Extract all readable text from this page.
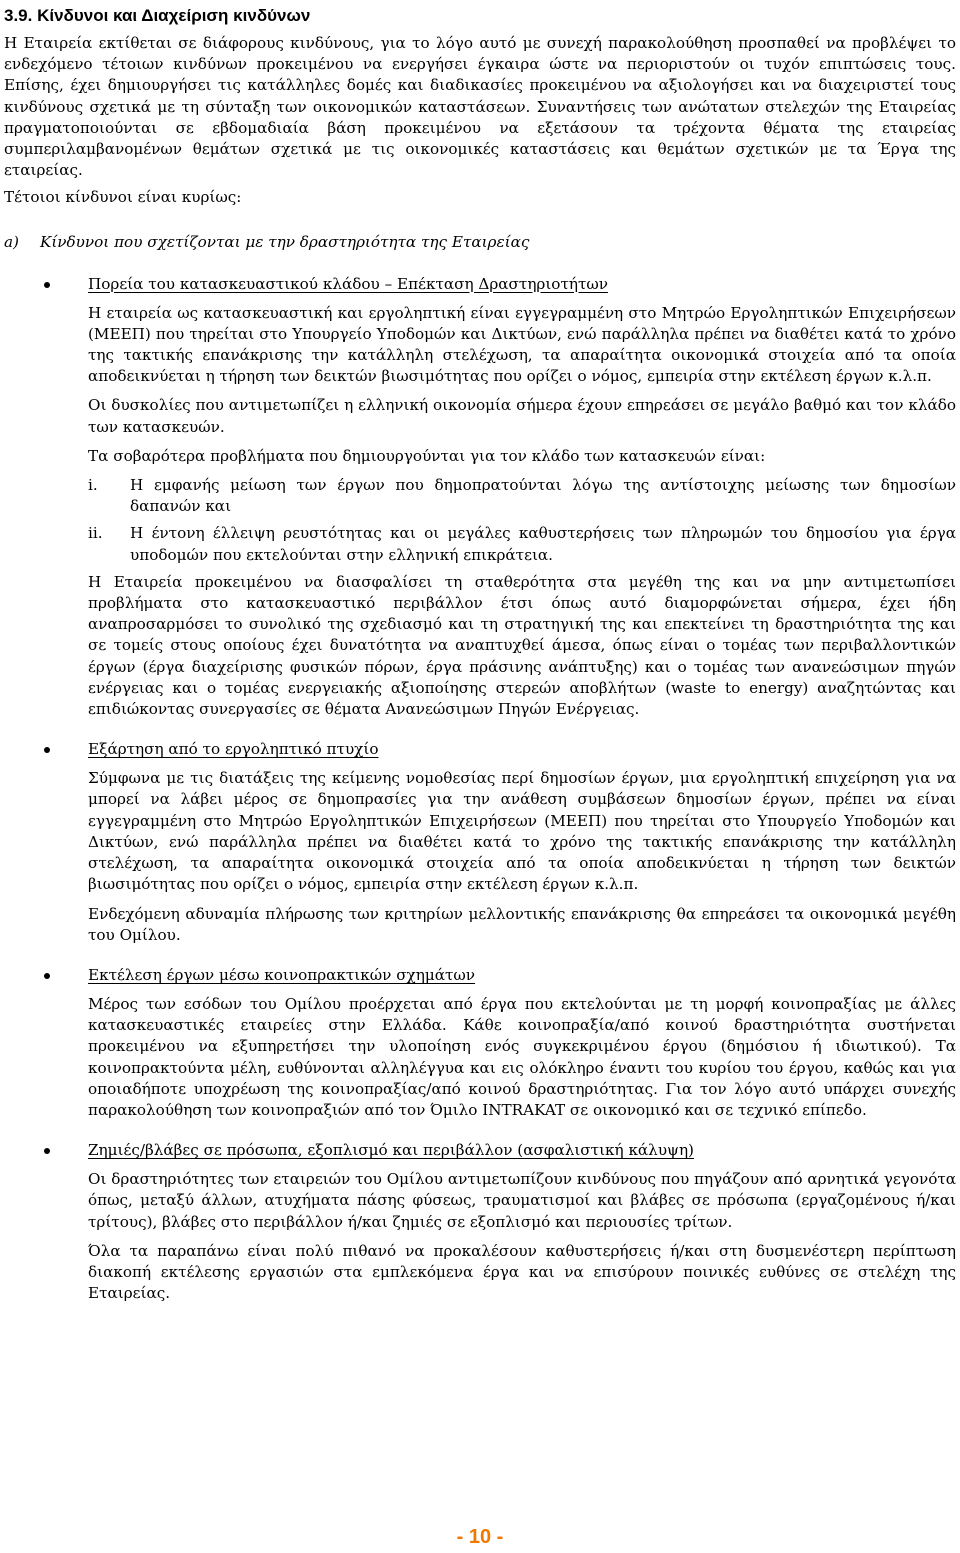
3.9. Κίνδυνοι και Διαχείριση κινδύνων

Η Εταιρεία εκτίθεται σε διάφορους κινδύνους, για το λόγο αυτό με συνεχή παρακολούθηση προσπαθεί να προβλέψει το ενδεχόμενο τέτοιων κινδύνων προκειμένου να ενεργήσει έγκαιρα ώστε να περιοριστούν οι τυχόν επιπτώσεις τους. Επίσης, έχει δημιουργήσει τις κατάλληλες δομές και διαδικασίες προκειμένου να αξιολογήσει και να διαχειριστεί τους κινδύνους σχετικά με τη σύνταξη των οικονομικών καταστάσεων. Συναντήσεις των ανώτατων στελεχών της Εταιρείας πραγματοποιούνται σε εβδομαδιαία βάση προκειμένου να εξετάσουν τα τρέχοντα θέματα της εταιρείας συμπεριλαμβανομένων θεμάτων σχετικά με τις οικονομικές καταστάσεις και θεμάτων σχετικών με τα Έργα της εταιρείας.

Τέτοιοι κίνδυνοι είναι κυρίως:

a)	Κίνδυνοι που σχετίζονται με την δραστηριότητα της Εταιρείας
Πορεία του κατασκευαστικού κλάδου – Επέκταση Δραστηριοτήτων

Η εταιρεία ως κατασκευαστική και εργοληπτική είναι εγγεγραμμένη στο Μητρώο Εργοληπτικών Επιχειρήσεων (ΜΕΕΠ) που τηρείται στο Υπουργείο Υποδομών και Δικτύων, ενώ παράλληλα πρέπει να διαθέτει κατά το χρόνο της τακτικής επανάκρισης την κατάλληλη στελέχωση, τα απαραίτητα οικονομικά στοιχεία από τα οποία αποδεικνύεται η τήρηση των δεικτών βιωσιμότητας που ορίζει ο νόμος, εμπειρία στην εκτέλεση έργων κ.λ.π.

Οι δυσκολίες που αντιμετωπίζει η ελληνική οικονομία σήμερα έχουν επηρεάσει σε μεγάλο βαθμό και τον κλάδο των κατασκευών.

Τα σοβαρότερα προβλήματα που δημιουργούνται για τον κλάδο των κατασκευών είναι:

i.	Η εμφανής μείωση των έργων που δημοπρατούνται λόγω της αντίστοιχης μείωσης των δημοσίων δαπανών και
ii.	Η έντονη έλλειψη ρευστότητας και οι μεγάλες καθυστερήσεις των πληρωμών του δημοσίου για έργα υποδομών που εκτελούνται στην ελληνική επικράτεια.

Η Εταιρεία προκειμένου να διασφαλίσει τη σταθερότητα στα μεγέθη της και να μην αντιμετωπίσει προβλήματα στο κατασκευαστικό περιβάλλον έτσι όπως αυτό διαμορφώνεται σήμερα, έχει ήδη αναπροσαρμόσει το συνολικό της σχεδιασμό και τη στρατηγική της και επεκτείνει τη δραστηριότητα της και σε τομείς στους οποίους έχει δυνατότητα να αναπτυχθεί άμεσα, όπως είναι ο τομέας των περιβαλλοντικών έργων (έργα διαχείρισης φυσικών πόρων, έργα πράσινης ανάπτυξης) και ο τομέας των ανανεώσιμων πηγών ενέργειας και ο τομέας ενεργειακής αξιοποίησης στερεών αποβλήτων (waste to energy) αναζητώντας και επιδιώκοντας συνεργασίες σε θέματα Ανανεώσιμων Πηγών Ενέργειας.

Εξάρτηση από το εργοληπτικό πτυχίο

Σύμφωνα με τις διατάξεις της κείμενης νομοθεσίας περί δημοσίων έργων, μια εργοληπτική επιχείρηση για να μπορεί να λάβει μέρος σε δημοπρασίες για την ανάθεση συμβάσεων δημοσίων έργων, πρέπει να είναι εγγεγραμμένη στο Μητρώο Εργοληπτικών Επιχειρήσεων (ΜΕΕΠ) που τηρείται στο Υπουργείο Υποδομών και Δικτύων, ενώ παράλληλα πρέπει να διαθέτει κατά το χρόνο της τακτικής επανάκρισης την κατάλληλη στελέχωση, τα απαραίτητα οικονομικά στοιχεία από τα οποία αποδεικνύεται η τήρηση των δεικτών βιωσιμότητας που ορίζει ο νόμος, εμπειρία στην εκτέλεση έργων κ.λ.π.

Ενδεχόμενη αδυναμία πλήρωσης των κριτηρίων μελλοντικής επανάκρισης θα επηρεάσει τα οικονομικά μεγέθη του Ομίλου.

Εκτέλεση έργων μέσω κοινοπρακτικών σχημάτων

Μέρος των εσόδων του Ομίλου προέρχεται από έργα που εκτελούνται με τη μορφή κοινοπραξίας με άλλες κατασκευαστικές εταιρείες στην Ελλάδα. Κάθε κοινοπραξία/από κοινού δραστηριότητα συστήνεται προκειμένου να εξυπηρετήσει την υλοποίηση ενός συγκεκριμένου έργου (δημόσιου ή ιδιωτικού). Τα κοινοπρακτούντα μέλη, ευθύνονται αλληλέγγυα και εις ολόκληρο έναντι του κυρίου του έργου, καθώς και για οποιαδήποτε υποχρέωση της κοινοπραξίας/από κοινού δραστηριότητας. Για τον λόγο αυτό υπάρχει συνεχής παρακολούθηση των κοινοπραξιών από τον Όμιλο INTRAKAT σε οικονομικό και σε τεχνικό επίπεδο.

Ζημιές/βλάβες σε πρόσωπα, εξοπλισμό και περιβάλλον (ασφαλιστική κάλυψη)

Οι δραστηριότητες των εταιρειών του Ομίλου αντιμετωπίζουν κινδύνους που πηγάζουν από αρνητικά γεγονότα όπως, μεταξύ άλλων, ατυχήματα πάσης φύσεως, τραυματισμοί και βλάβες σε πρόσωπα (εργαζομένους ή/και τρίτους), βλάβες στο περιβάλλον ή/και ζημιές σε εξοπλισμό και περιουσίες τρίτων.

Όλα τα παραπάνω είναι πολύ πιθανό να προκαλέσουν καθυστερήσεις ή/και στη δυσμενέστερη περίπτωση διακοπή εκτέλεσης εργασιών στα εμπλεκόμενα έργα και να επισύρουν ποινικές ευθύνες σε στελέχη της Εταιρείας.

- 10 -
